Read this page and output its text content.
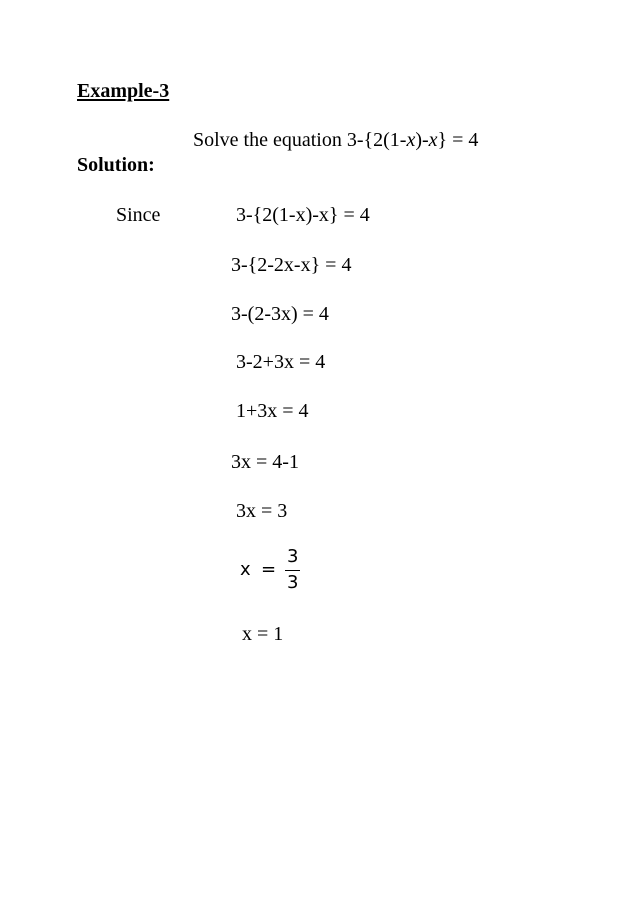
Example-3
Solve the equation 3-{2(1-x)-x} = 4
Solution:
Since	3-{2(1-x)-x} = 4
3-{2-2x-x} = 4
3-(2-3x) = 4
3-2+3x = 4
1+3x = 4
3x = 4-1
3x = 3
x =
3
3
x = 1
